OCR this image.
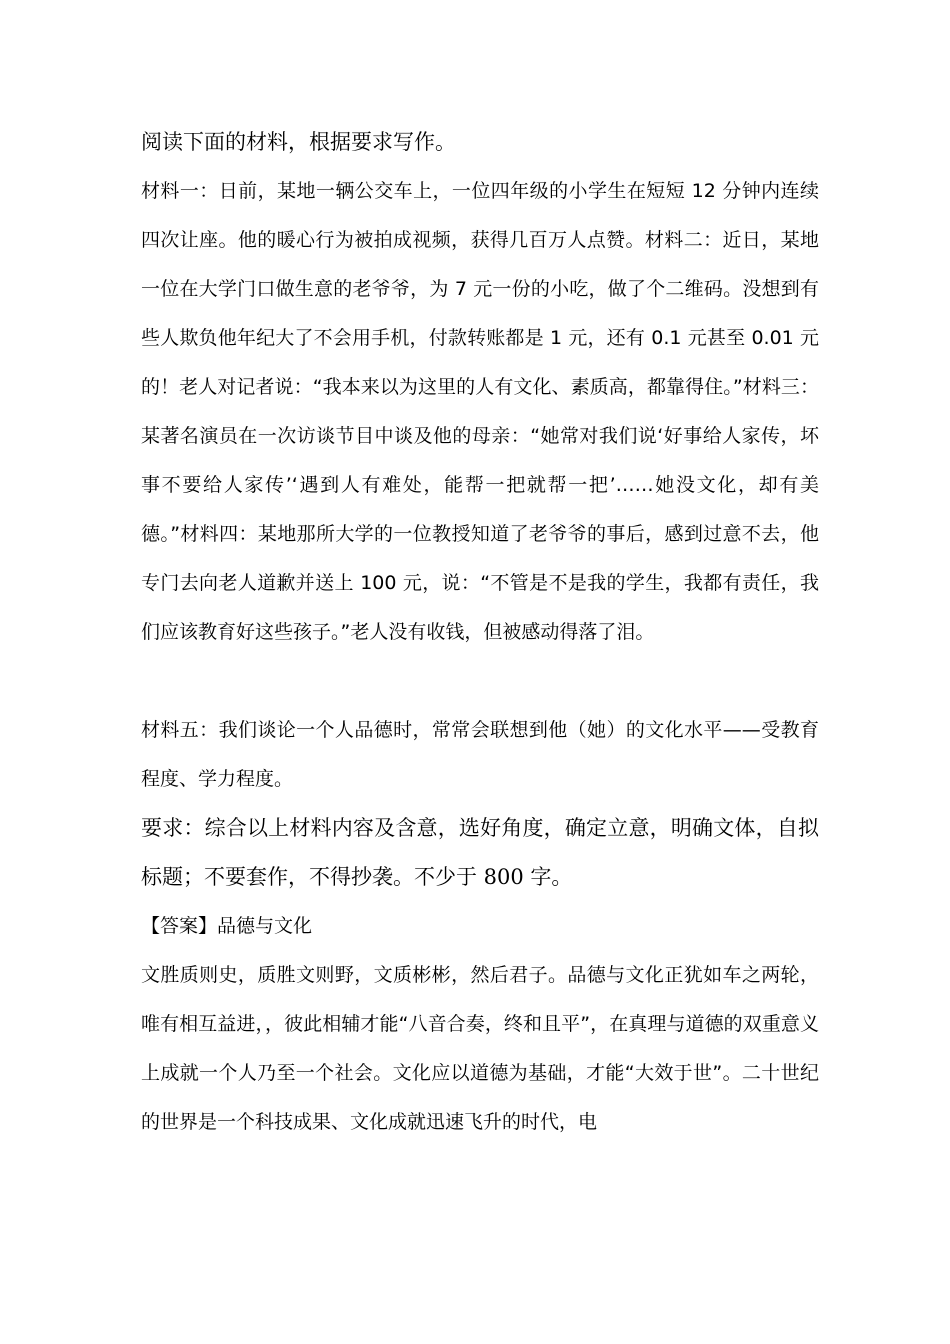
阅读下面的材料，根据要求写作。

材料一：日前，某地一辆公交车上，一位四年级的小学生在短短 12 分钟内连续四次让座。他的暖心行为被拍成视频，获得几百万人点赞。材料二：近日，某地一位在大学门口做生意的老爷爷，为 7 元一份的小吃，做了个二维码。没想到有些人欺负他年纪大了不会用手机，付款转账都是 1 元，还有 0.1 元甚至 0.01 元的！老人对记者说：“我本来以为这里的人有文化、素质高，都靠得住。”材料三：某著名演员在一次访谈节目中谈及他的母亲：“她常对我们说‘好事给人家传，坏事不要给人家传’‘遇到人有难处，能帮一把就帮一把’……她没文化，却有美德。”材料四：某地那所大学的一位教授知道了老爷爷的事后，感到过意不去，他专门去向老人道歉并送上 100 元，说：“不管是不是我的学生，我都有责任，我们应该教育好这些孩子。”老人没有收钱，但被感动得落了泪。

材料五：我们谈论一个人品德时，常常会联想到他（她）的文化水平——受教育程度、学力程度。

要求：综合以上材料内容及含意，选好角度，确定立意，明确文体，自拟标题；不要套作，不得抄袭。不少于 800 字。

【答案】品德与文化

文胜质则史，质胜文则野，文质彬彬，然后君子。品德与文化正犹如车之两轮，唯有相互益进，，彼此相辅才能“八音合奏，终和且平”，在真理与道德的双重意义上成就一个人乃至一个社会。文化应以道德为基础，才能“大效于世”。二十世纪的世界是一个科技成果、文化成就迅速飞升的时代，电
